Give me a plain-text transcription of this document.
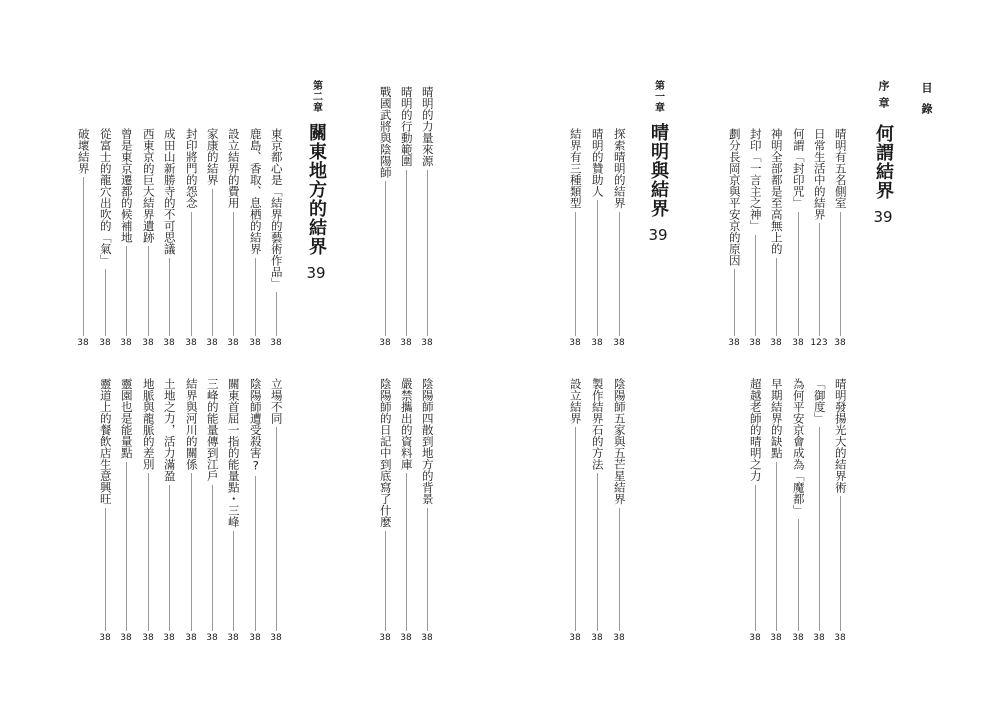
目錄
序章
何謂結界
39
第一章
晴明與結界
39
第二章
關東地方的結界
39
晴明有五名側室
38
日常生活中的結界
123
何謂「封印咒」
38
神明全部都是至高無上的
38
封印「一言主之神」
38
劃分長岡京與平安京的原因
38
探索晴明的結界
38
晴明的贊助人
38
結界有三種類型
38
晴明的力量來源
38
晴明的行動範圍
38
戰國武將與陰陽師
38
東京都心是「結界的藝術作品」
38
鹿島、香取、息栖的結界
38
設立結界的費用
38
家康的結界
38
封印將門的怨念
38
成田山新勝寺的不可思議
38
西東京的巨大結界遺跡
38
曾是東京遷都的候補地
38
從富士的龍穴出吹的「氣」
38
破壞結界
38
晴明發揚光大的結界術
38
「御度」
38
為何平安京會成為「魔都」
38
早期結界的缺點
38
超越老師的晴明之力
38
陰陽師五家與五芒星結界
38
製作結界石的方法
38
設立結界
38
陰陽師四散到地方的背景
38
嚴禁攜出的資料庫
38
陰陽師的日記中到底寫了什麼
38
立場不同
38
陰陽師遭受殺害?
38
關東首屈一指的能量點・三峰
38
三峰的能量傳到江戶
38
結界與河川的關係
38
土地之力，活力滿盈
38
地脈與龍脈的差別
38
靈園也是能量點
38
靈道上的餐飲店生意興旺
38
